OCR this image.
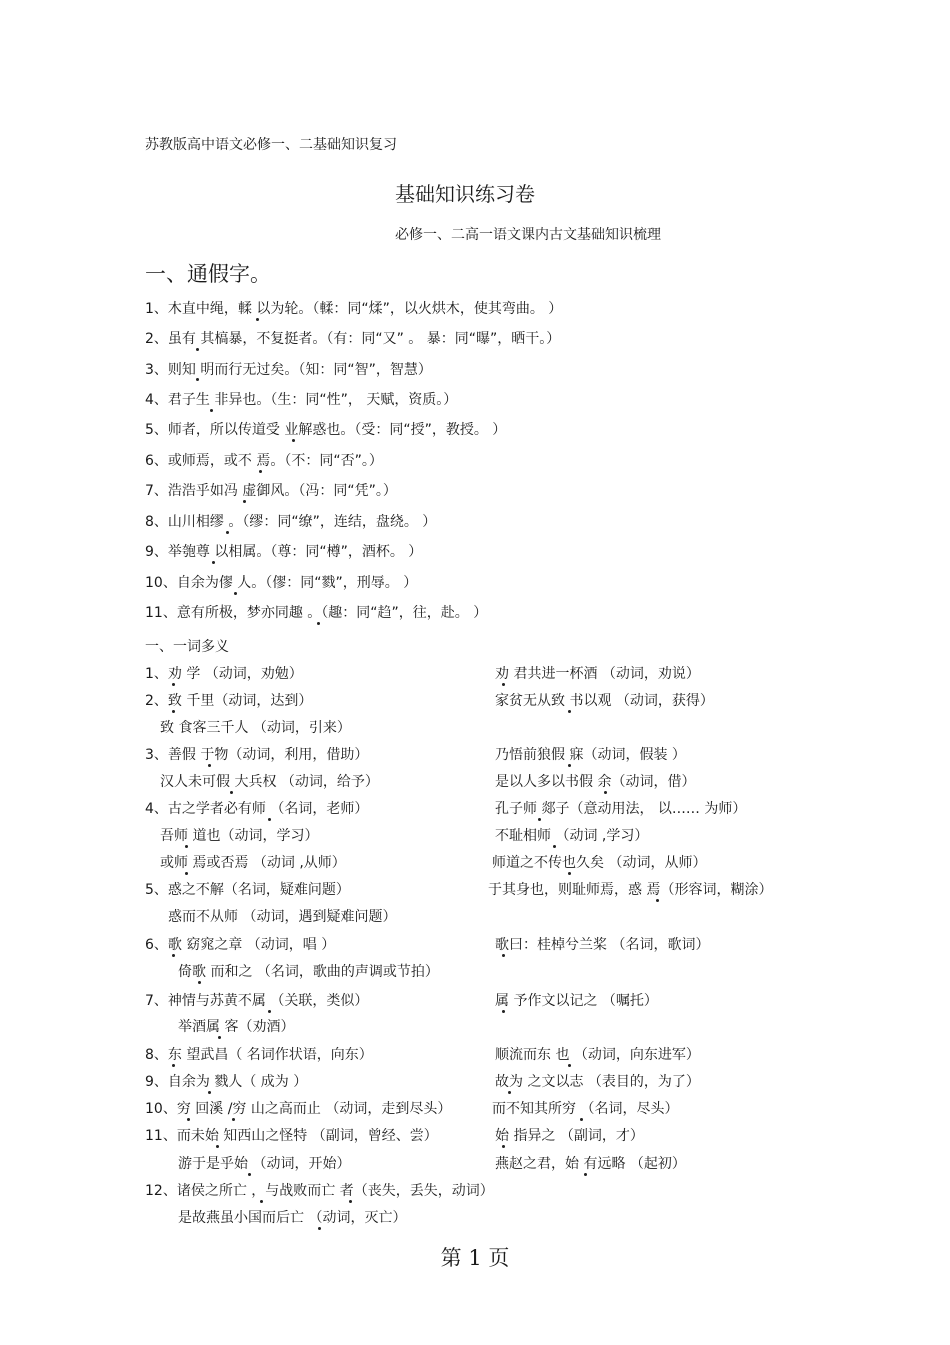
苏教版高中语文必修一、二基础知识复习
基础知识练习卷
必修一、二高一语文课内古文基础知识梳理
一、通假字。
1、木直中绳，輮 以为轮。（輮：同“煣”，以火烘木，使其弯曲。 ）
2、虽有 其槁暴，不复挺者。（有：同“又” 。 暴：同“曝”，晒干。）
3、则知 明而行无过矣。（知：同“智”，智慧）
4、君子生 非异也。（生：同“性”， 天赋，资质。）
5、师者，所以传道受 业解惑也。（受：同“授”，教授。 ）
6、或师焉，或不 焉。（不：同“否”。）
7、浩浩乎如冯 虚御风。（冯：同“凭”。）
8、山川相缪 。（缪：同“缭”，连结，盘绕。 ）
9、举匏尊 以相属。（尊：同“樽”，酒杯。 ）
10、自余为僇 人。（僇：同“戮”，刑辱。 ）
11、意有所极，梦亦同趣 。（趣：同“趋”，往，赴。 ）
一、一词多义
1、劝 学 （动词，劝勉）
2、致 千里（动词，达到）
致 食客三千人 （动词，引来）
3、善假 于物（动词，利用，借助）
汉人未可假 大兵权 （动词，给予）
4、古之学者必有师 （名词，老师）
吾师 道也（动词，学习）
或师 焉或否焉 （动词 ,从师）
5、惑之不解（名词，疑难问题）
惑而不从师 （动词，遇到疑难问题）
6、歌 窈窕之章 （动词，唱 ）
倚歌 而和之 （名词，歌曲的声调或节拍）
7、神情与苏黄不属 （关联，类似）
举酒属 客（劝酒）
8、东 望武昌（ 名词作状语，向东）
9、自余为 戮人（ 成为 ）
10、穷 回溪 /穷 山之高而止 （动词，走到尽头）
11、而未始 知西山之怪特 （副词，曾经、尝）
游于是乎始 （动词，开始）
12、诸侯之所亡 ，与战败而亡 者（丧失，丢失，动词）
是故燕虽小国而后亡 （动词，灭亡）
劝 君共进一杯酒 （动词，劝说）
家贫无从致 书以观 （动词，获得）
乃悟前狼假 寐（动词，假装 ）
是以人多以书假 余（动词，借）
孔子师 郯子（意动用法， 以…… 为师）
不耻相师 （动词 ,学习）
师道之不传也久矣 （动词，从师）
于其身也，则耻师焉，惑 焉（形容词，糊涂）
歌曰：桂棹兮兰桨 （名词，歌词）
属 予作文以记之 （嘱托）
顺流而东 也 （动词，向东进军）
故为 之文以志 （表目的，为了）
而不知其所穷 （名词，尽头）
始 指异之 （副词，才）
燕赵之君，始 有远略 （起初）
第 1 页
